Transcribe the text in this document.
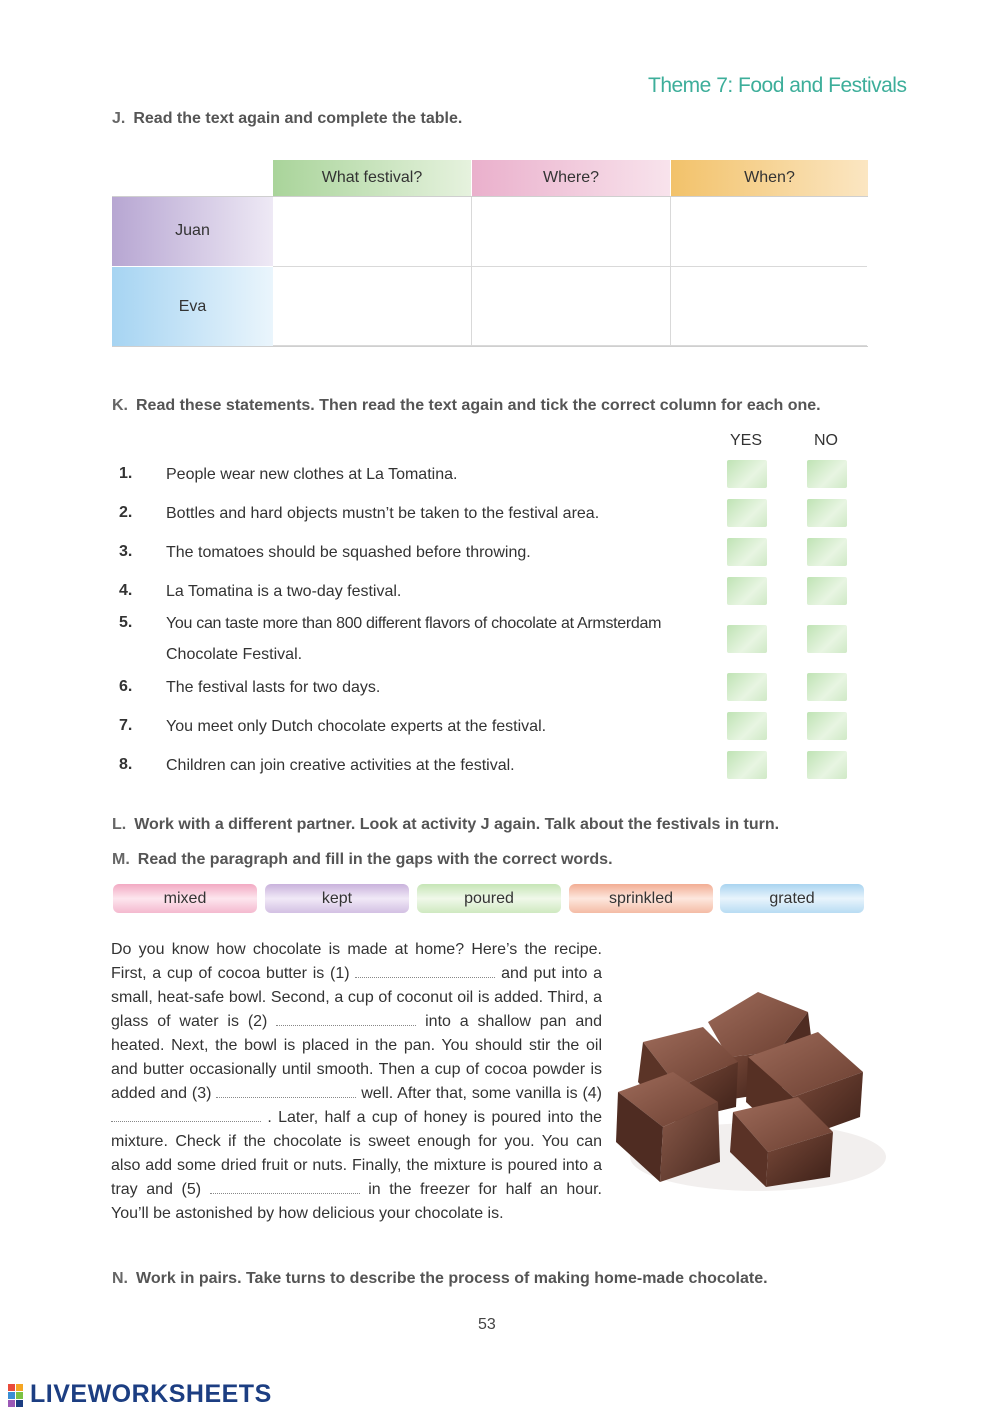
Theme 7: Food and Festivals
J. Read the text again and complete the table.
What festival?	Where?	When?
Juan
Eva
K. Read these statements. Then read the text again and tick the correct column for each one.
YES	NO
1. People wear new clothes at La Tomatina.
2. Bottles and hard objects mustn’t be taken to the festival area.
3. The tomatoes should be squashed before throwing.
4. La Tomatina is a two-day festival.
5. You can taste more than 800 different flavors of chocolate at Armsterdam
Chocolate Festival.
6. The festival lasts for two days.
7. You meet only Dutch chocolate experts at the festival.
8. Children can join creative activities at the festival.
L. Work with a different partner. Look at activity J again. Talk about the festivals in turn.
M. Read the paragraph and fill in the gaps with the correct words.
mixed	kept	poured	sprinkled	grated
Do you know how chocolate is made at home? Here’s the recipe. First, a cup of cocoa butter is (1)	and put into a small, heat-safe bowl. Second, a cup of coconut oil is added. Third, a glass of water is (2)	into a shallow pan and heated. Next, the bowl is placed in the pan. You should stir the oil and butter occasionally until smooth. Then a cup of cocoa powder is added and (3)	well. After that, some vanilla is (4)  . Later, half a cup of honey is poured into the mixture. Check if the chocolate is sweet enough for you. You can also add some dried fruit or nuts. Finally, the mixture is poured into a tray and (5)	in the freezer for half an hour. You’ll be astonished by how delicious your chocolate is.
N. Work in pairs. Take turns to describe the process of making home-made chocolate.
53
LIVEWORKSHEETS
